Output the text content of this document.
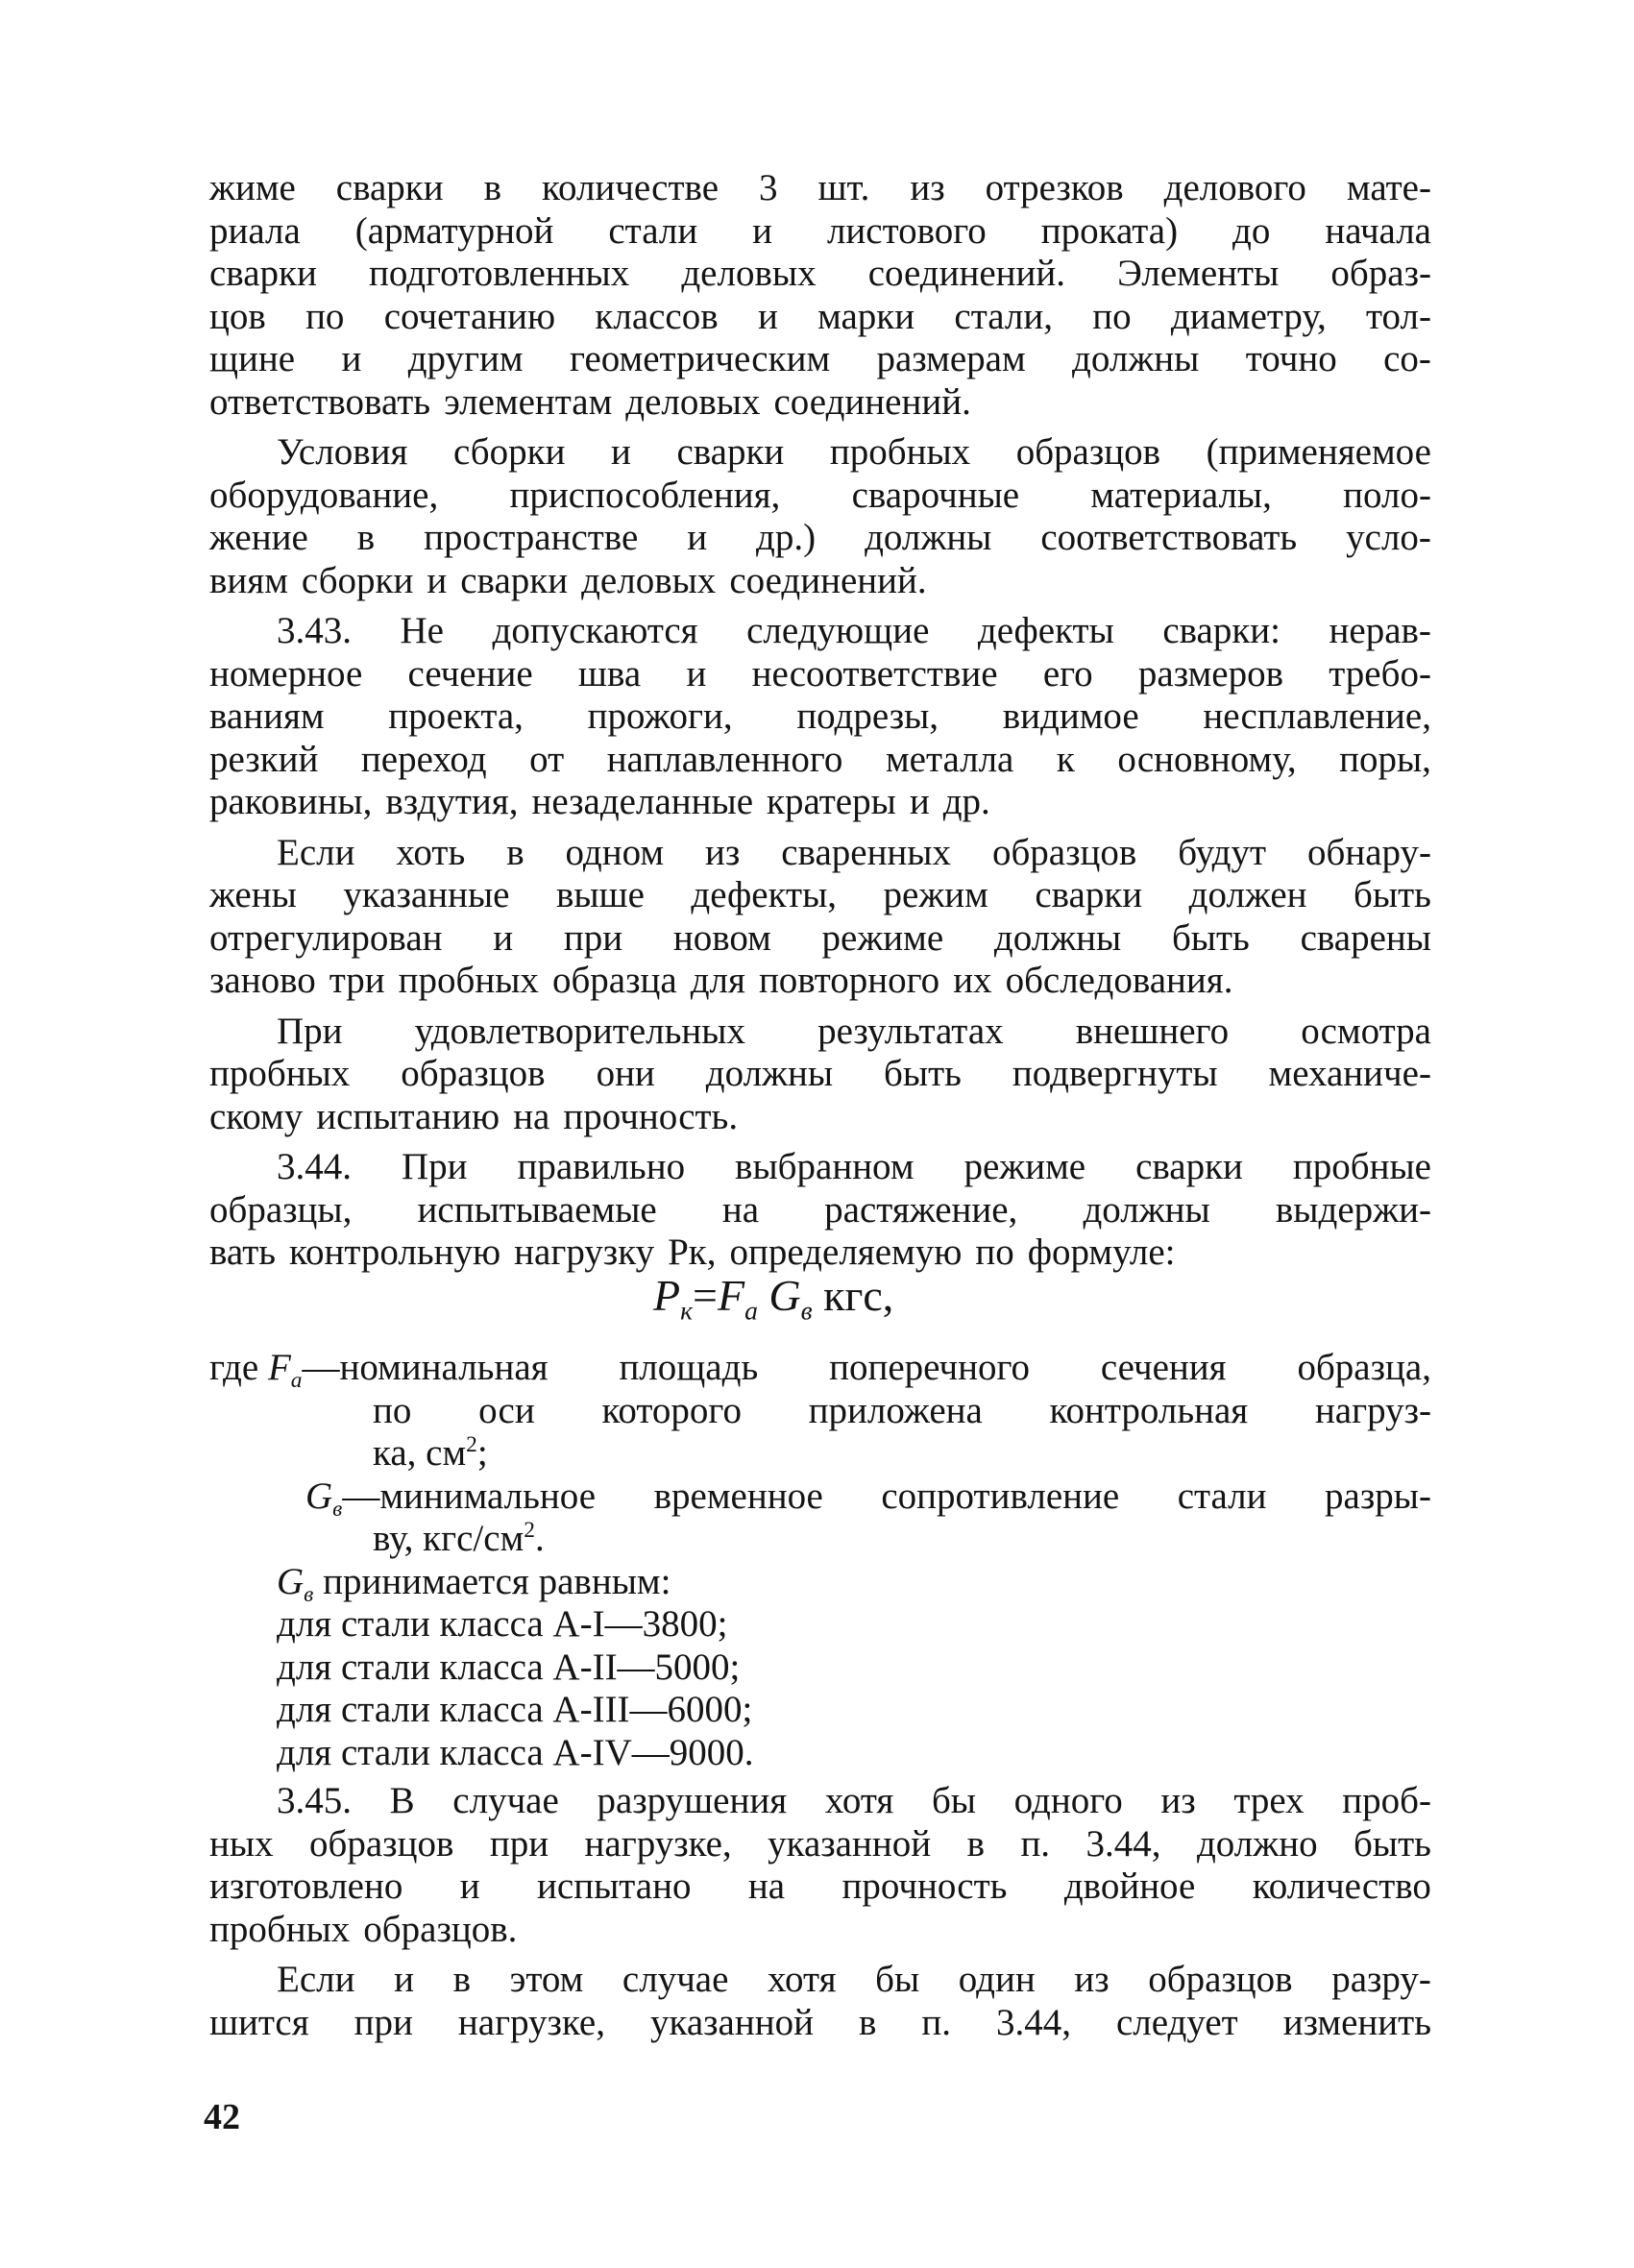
жиме сварки в количестве 3 шт. из отрезков делового мате-
риала (арматурной стали и листового проката) до начала
сварки подготовленных деловых соединений. Элементы образ-
цов по сочетанию классов и марки стали, по диаметру, тол-
щине и другим геометрическим размерам должны точно со-
ответствовать элементам деловых соединений.
Условия сборки и сварки пробных образцов (применяемое
оборудование, приспособления, сварочные материалы, поло-
жение в пространстве и др.) должны соответствовать усло-
виям сборки и сварки деловых соединений.
3.43. Не допускаются следующие дефекты сварки: нерав-
номерное сечение шва и несоответствие его размеров требо-
ваниям проекта, прожоги, подрезы, видимое несплавление,
резкий переход от наплавленного металла к основному, поры,
раковины, вздутия, незаделанные кратеры и др.
Если хоть в одном из сваренных образцов будут обнару-
жены указанные выше дефекты, режим сварки должен быть
отрегулирован и при новом режиме должны быть сварены
заново три пробных образца для повторного их обследования.
При удовлетворительных результатах внешнего осмотра
пробных образцов они должны быть подвергнуты механиче-
скому испытанию на прочность.
3.44. При правильно выбранном режиме сварки пробные
образцы, испытываемые на растяжение, должны выдержи-
вать контрольную нагрузку Pк, определяемую по формуле:
$P_к=F_a$ $G_в$ кгс,
где $F_a$ —номинальная площадь поперечного сечения образца,
по оси которого приложена контрольная нагруз-
ка, $см^2$;
$G_в—минимальное$ временное сопротивление стали разры-
ву, кгс/$см^2$.
$G_в$ принимается равным:
для стали класса А-I—3800;
для стали класса А-II—5000;
для стали класса А-III—6000;
для стали класса А-IV—9000.
3.45. В случае разрушения хотя бы одного из трех проб-
ных образцов при нагрузке, указанной в п. 3.44, должно быть
изготовлено и испытано на прочность двойное количество
пробных образцов.
Если и в этом случае хотя бы один из образцов разру-
шится при нагрузке, указанной в п. 3.44, следует изменить
42
